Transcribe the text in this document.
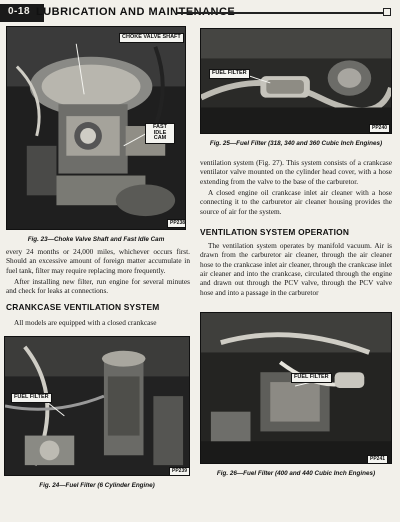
0-18 LUBRICATION AND MAINTENANCE
CHOKE VALVE SHAFT
FAST IDLE CAM
PP238
Fig. 23—Choke Valve Shaft and Fast Idle Cam

every 24 months or 24,000 miles, whichever occurs first. Should an excessive amount of foreign matter accumulate in fuel tank, filter may require replacing more frequently.

After installing new filter, run engine for several minutes and check for leaks at connections.

CRANKCASE VENTILATION SYSTEM

All models are equipped with a closed crankcase

FUEL FILTER
PP239
Fig. 24—Fuel Filter (6 Cylinder Engine)
FUEL FILTER
PP240
Fig. 25—Fuel Filter (318, 340 and 360 Cubic Inch Engines)

ventilation system (Fig. 27). This system consists of a crankcase ventilator valve mounted on the cylinder head cover, with a hose extending from the valve to the base of the carburetor.

A closed engine oil crankcase inlet air cleaner with a hose connecting it to the carburetor air cleaner housing provides the source of air for the system.

VENTILATION SYSTEM OPERATION

The ventilation system operates by manifold vacuum. Air is drawn from the carburetor air cleaner, through the air cleaner hose to the crankcase inlet air cleaner, through the crankcase inlet air cleaner and into the crankcase, circulated through the engine and drawn out through the PCV valve, through the PCV valve hose and into a passage in the carburetor

FUEL FILTER
PP241
Fig. 26—Fuel Filter (400 and 440 Cubic Inch Engines)
